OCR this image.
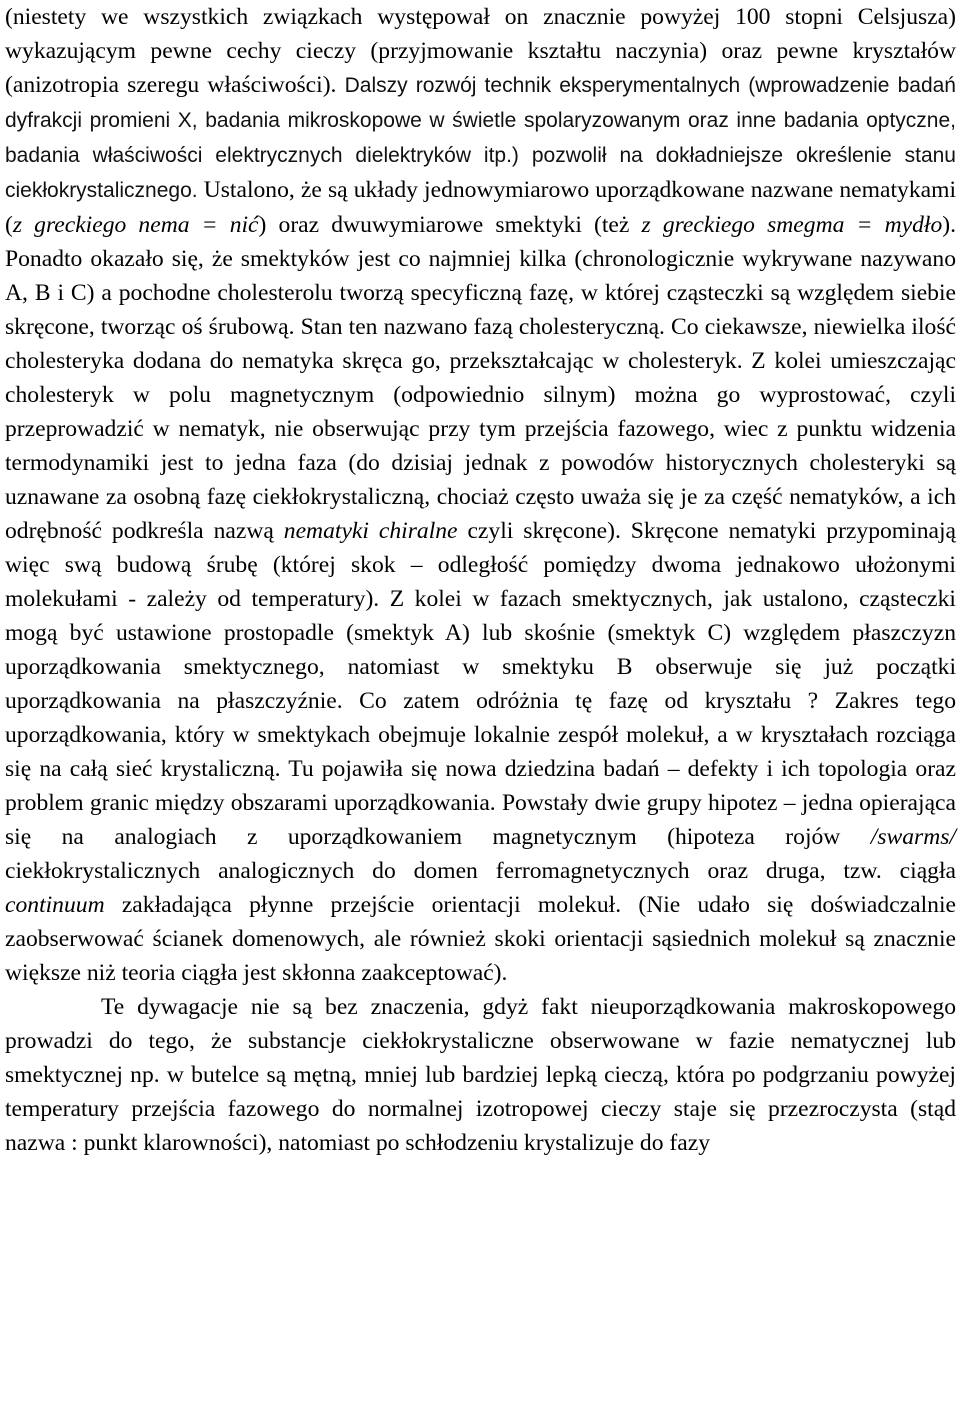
(niestety we wszystkich związkach występował on znacznie powyżej 100 stopni Celsjusza) wykazującym pewne cechy cieczy (przyjmowanie kształtu naczynia) oraz pewne kryształów (anizotropia szeregu właściwości). Dalszy rozwój technik eksperymentalnych (wprowadzenie badań dyfrakcji promieni X, badania mikroskopowe w świetle spolaryzowanym oraz inne badania optyczne, badania właściwości elektrycznych dielektryków itp.) pozwolił na dokładniejsze określenie stanu ciekłokrystalicznego. Ustalono, że są układy jednowymiarowo uporządkowane nazwane nematykami (z greckiego nema = nić) oraz dwuwymiarowe smektyki (też z greckiego smegma = mydło). Ponadto okazało się, że smektyków jest co najmniej kilka (chronologicznie wykrywane nazywano A, B i C) a pochodne cholesterolu tworzą specyficzną fazę, w której cząsteczki są względem siebie skręcone, tworząc oś śrubową. Stan ten nazwano fazą cholesteryczną. Co ciekawsze, niewielka ilość cholesteryka dodana do nematyka skręca go, przekształcając w cholesteryk. Z kolei umieszczając cholesteryk w polu magnetycznym (odpowiednio silnym) można go wyprostować, czyli przeprowadzić w nematyk, nie obserwując przy tym przejścia fazowego, wiec z punktu widzenia termodynamiki jest to jedna faza (do dzisiaj jednak z powodów historycznych cholesteryki są uznawane za osobną fazę ciekłokrystaliczną, chociaż często uważa się je za część nematyków, a ich odrębność podkreśla nazwą nematyki chiralne czyli skręcone). Skręcone nematyki przypominają więc swą budową śrubę (której skok – odległość pomiędzy dwoma jednakowo ułożonymi molekułami - zależy od temperatury). Z kolei w fazach smektycznych, jak ustalono, cząsteczki mogą być ustawione prostopadle (smektyk A) lub skośnie (smektyk C) względem płaszczyzn uporządkowania smektycznego, natomiast w smektyku B obserwuje się już początki uporządkowania na płaszczyźnie. Co zatem odróżnia tę fazę od kryształu ? Zakres tego uporządkowania, który w smektykach obejmuje lokalnie zespół molekuł, a w kryształach rozciąga się na całą sieć krystaliczną. Tu pojawiła się nowa dziedzina badań – defekty i ich topologia oraz problem granic między obszarami uporządkowania. Powstały dwie grupy hipotez – jedna opierająca się na analogiach z uporządkowaniem magnetycznym (hipoteza rojów /swarms/ ciekłokrystalicznych analogicznych do domen ferromagnetycznych oraz druga, tzw. ciągła continuum zakładająca płynne przejście orientacji molekuł. (Nie udało się doświadczalnie zaobserwować ścianek domenowych, ale również skoki orientacji sąsiednich molekuł są znacznie większe niż teoria ciągła jest skłonna zaakceptować).

Te dywagacje nie są bez znaczenia, gdyż fakt nieuporządkowania makroskopowego prowadzi do tego, że substancje ciekłokrystaliczne obserwowane w fazie nematycznej lub smektycznej np. w butelce są mętną, mniej lub bardziej lepką cieczą, która po podgrzaniu powyżej temperatury przejścia fazowego do normalnej izotropowej cieczy staje się przezroczysta (stąd nazwa : punkt klarowności), natomiast po schłodzeniu krystalizuje do fazy
